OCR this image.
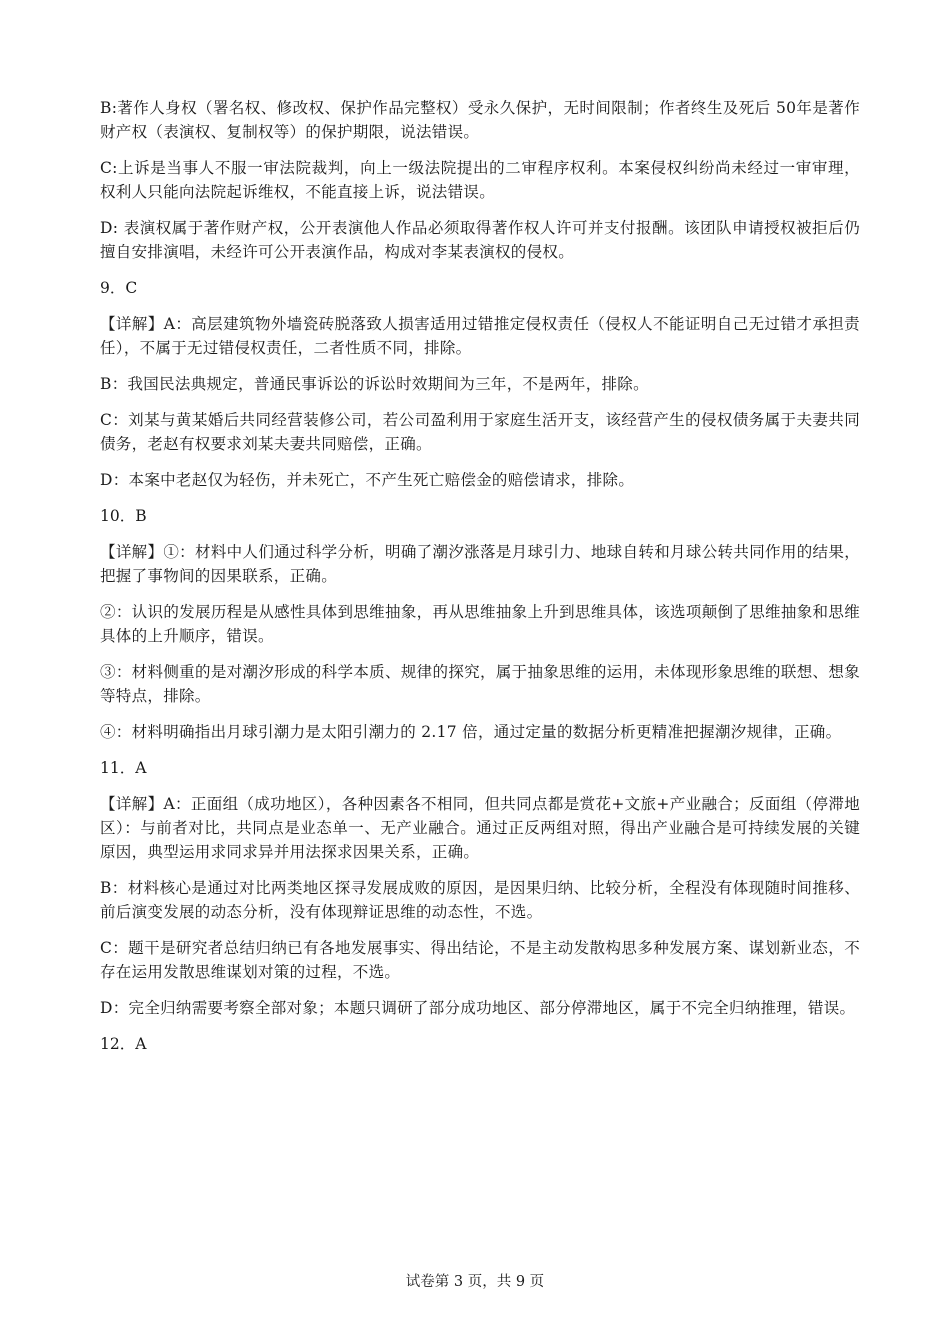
B:著作人身权（署名权、修改权、保护作品完整权）受永久保护，无时间限制；作者终生及死后 50年是著作财产权（表演权、复制权等）的保护期限，说法错误。

C:上诉是当事人不服一审法院裁判，向上一级法院提出的二审程序权利。本案侵权纠纷尚未经过一审审理，权利人只能向法院起诉维权，不能直接上诉，说法错误。

D: 表演权属于著作财产权，公开表演他人作品必须取得著作权人许可并支付报酬。该团队申请授权被拒后仍擅自安排演唱，未经许可公开表演作品，构成对李某表演权的侵权。

9．C

【详解】A：高层建筑物外墙瓷砖脱落致人损害适用过错推定侵权责任（侵权人不能证明自己无过错才承担责任），不属于无过错侵权责任，二者性质不同，排除。

B：我国民法典规定，普通民事诉讼的诉讼时效期间为三年，不是两年，排除。

C：刘某与黄某婚后共同经营装修公司，若公司盈利用于家庭生活开支，该经营产生的侵权债务属于夫妻共同债务，老赵有权要求刘某夫妻共同赔偿，正确。

D：本案中老赵仅为轻伤，并未死亡，不产生死亡赔偿金的赔偿请求，排除。

10．B

【详解】①：材料中人们通过科学分析，明确了潮汐涨落是月球引力、地球自转和月球公转共同作用的结果，把握了事物间的因果联系，正确。

②：认识的发展历程是从感性具体到思维抽象，再从思维抽象上升到思维具体，该选项颠倒了思维抽象和思维具体的上升顺序，错误。

③：材料侧重的是对潮汐形成的科学本质、规律的探究，属于抽象思维的运用，未体现形象思维的联想、想象等特点，排除。

④：材料明确指出月球引潮力是太阳引潮力的 2.17 倍，通过定量的数据分析更精准把握潮汐规律，正确。

11．A

【详解】A：正面组（成功地区），各种因素各不相同，但共同点都是赏花+文旅+产业融合；反面组（停滞地区）：与前者对比，共同点是业态单一、无产业融合。通过正反两组对照，得出产业融合是可持续发展的关键原因，典型运用求同求异并用法探求因果关系，正确。

B：材料核心是通过对比两类地区探寻发展成败的原因，是因果归纳、比较分析，全程没有体现随时间推移、前后演变发展的动态分析，没有体现辩证思维的动态性，不选。

C：题干是研究者总结归纳已有各地发展事实、得出结论，不是主动发散构思多种发展方案、谋划新业态，不存在运用发散思维谋划对策的过程，不选。

D：完全归纳需要考察全部对象；本题只调研了部分成功地区、部分停滞地区，属于不完全归纳推理，错误。

12．A

试卷第 3 页，共 9 页
